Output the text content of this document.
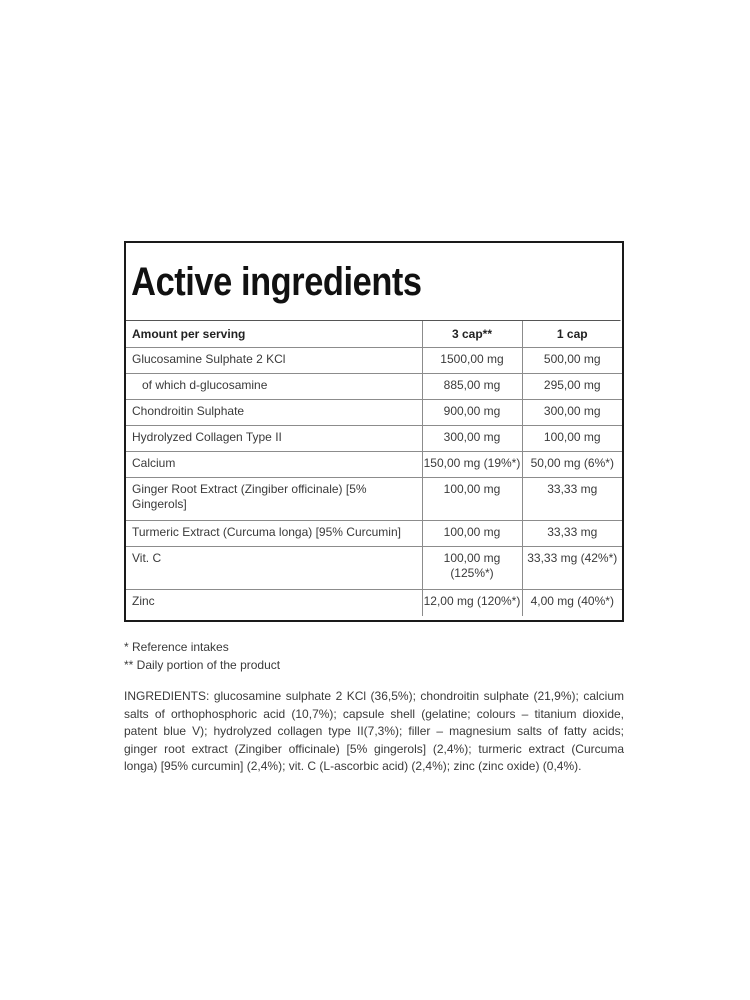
Active ingredients
Amount per serving	3 cap**	1 cap
Glucosamine Sulphate 2 KCl	1500,00 mg	500,00 mg
of which d-glucosamine	885,00 mg	295,00 mg
Chondroitin Sulphate	900,00 mg	300,00 mg
Hydrolyzed Collagen Type II	300,00 mg	100,00 mg
Calcium	150,00 mg (19%*)	50,00 mg (6%*)
Ginger Root Extract (Zingiber officinale) [5% Gingerols]	100,00 mg	33,33 mg
Turmeric Extract (Curcuma longa) [95% Curcumin]	100,00 mg	33,33 mg
Vit. C	100,00 mg (125%*)	33,33 mg (42%*)
Zinc	12,00 mg (120%*)	4,00 mg (40%*)
* Reference intakes
** Daily portion of the product
INGREDIENTS: glucosamine sulphate 2 KCl (36,5%); chondroitin sulphate (21,9%); calcium salts of orthophosphoric acid (10,7%); capsule shell (gelatine; colours – titanium dioxide, patent blue V); hydrolyzed collagen type II(7,3%); filler – magnesium salts of fatty acids; ginger root extract (Zingiber officinale) [5% gingerols] (2,4%); turmeric extract (Curcuma longa) [95% curcumin] (2,4%); vit. C (L-ascorbic acid) (2,4%); zinc (zinc oxide) (0,4%).
